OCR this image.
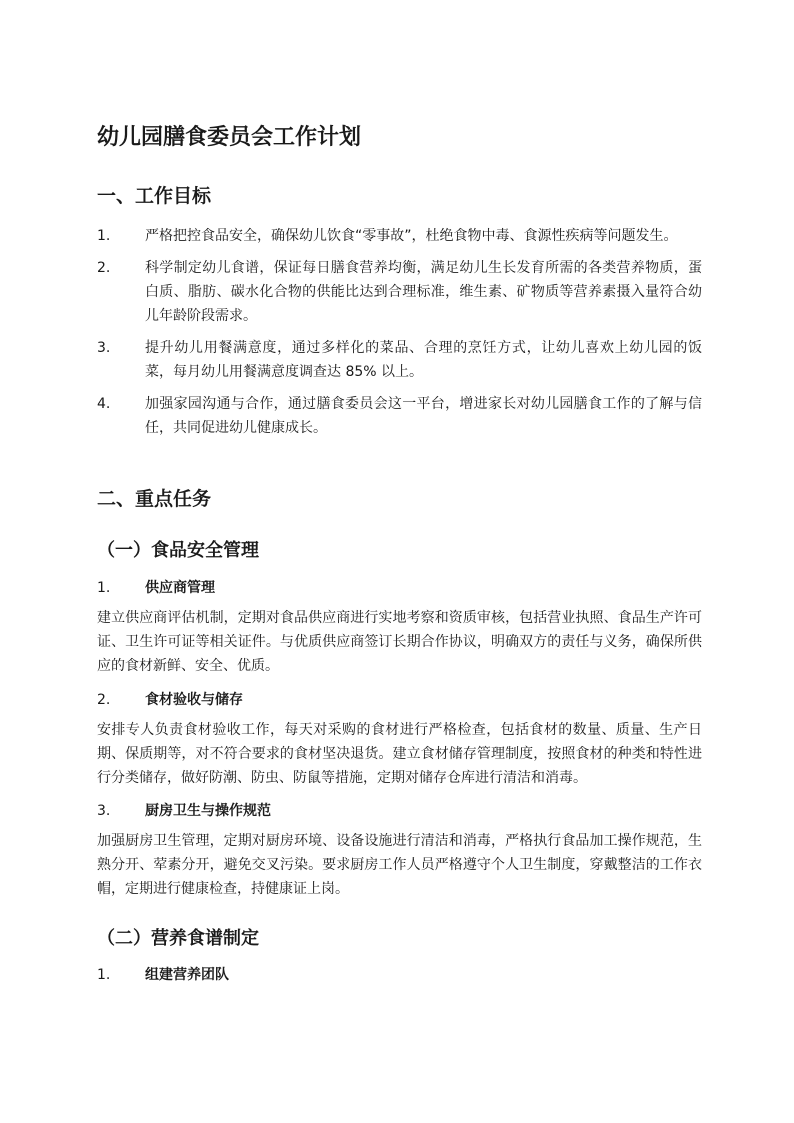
幼儿园膳食委员会工作计划
一、工作目标
1. 严格把控食品安全，确保幼儿饮食“零事故”，杜绝食物中毒、食源性疾病等问题发生。
2. 科学制定幼儿食谱，保证每日膳食营养均衡，满足幼儿生长发育所需的各类营养物质，蛋白质、脂肪、碳水化合物的供能比达到合理标准，维生素、矿物质等营养素摄入量符合幼儿年龄阶段需求。
3. 提升幼儿用餐满意度，通过多样化的菜品、合理的烹饪方式，让幼儿喜欢上幼儿园的饭菜，每月幼儿用餐满意度调查达 85% 以上。
4. 加强家园沟通与合作，通过膳食委员会这一平台，增进家长对幼儿园膳食工作的了解与信任，共同促进幼儿健康成长。
二、重点任务
（一）食品安全管理
1. 供应商管理

建立供应商评估机制，定期对食品供应商进行实地考察和资质审核，包括营业执照、食品生产许可证、卫生许可证等相关证件。与优质供应商签订长期合作协议，明确双方的责任与义务，确保所供应的食材新鲜、安全、优质。

2. 食材验收与储存

安排专人负责食材验收工作，每天对采购的食材进行严格检查，包括食材的数量、质量、生产日期、保质期等，对不符合要求的食材坚决退货。建立食材储存管理制度，按照食材的种类和特性进行分类储存，做好防潮、防虫、防鼠等措施，定期对储存仓库进行清洁和消毒。

3. 厨房卫生与操作规范

加强厨房卫生管理，定期对厨房环境、设备设施进行清洁和消毒，严格执行食品加工操作规范，生熟分开、荤素分开，避免交叉污染。要求厨房工作人员严格遵守个人卫生制度，穿戴整洁的工作衣帽，定期进行健康检查，持健康证上岗。

（二）营养食谱制定
1. 组建营养团队
